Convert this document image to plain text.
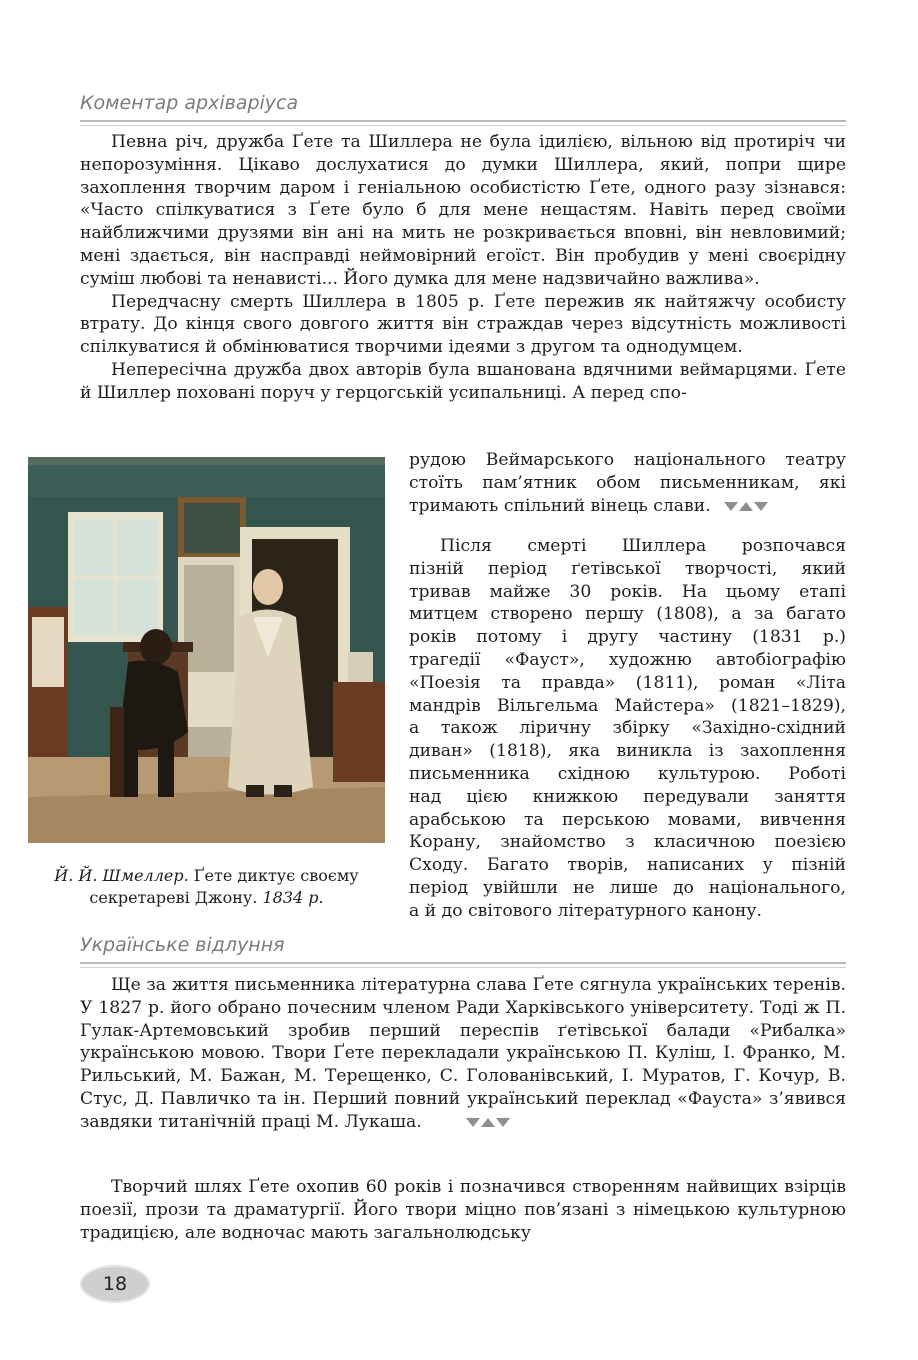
Коментар архіваріуса

Певна річ, дружба Ґете та Шиллера не була ідилією, вільною від протиріч чи непорозуміння. Цікаво дослухатися до думки Шиллера, який, попри щире захоплення творчим даром і геніальною особистістю Ґете, одного разу зізнався: «Часто спілкуватися з Ґете було б для мене нещастям. Навіть перед своїми найближчими друзями він ані на мить не розкривається вповні, він невловимий; мені здається, він насправді неймовірний егоїст. Він пробудив у мені своєрідну суміш любові та ненависті... Його думка для мене надзвичайно важлива».

Передчасну смерть Шиллера в 1805 р. Ґете пережив як найтяжчу особисту втрату. До кінця свого довгого життя він страждав через відсутність можливості спілкуватися й обмінюватися творчими ідеями з другом та однодумцем.

Непересічна дружба двох авторів була вшанована вдячними веймарцями. Ґете й Шиллер поховані поруч у герцогській усипальниці. А перед спо-

рудою Веймарського національного театру
стоїть пам’ятник обом письменникам, які
тримають спільний вінець слави.
Й. Й. Шмеллер. Ґете диктує своєму
секретареві Джону. 1834 р.
Після смерті Шиллера розпочався
пізній період ґетівської творчості, який
тривав майже 30 років. На цьому етапі
митцем створено першу (1808), а за багато
років потому і другу частину (1831 р.)
трагедії «Фауст», художню автобіографію
«Поезія та правда» (1811), роман «Літа
мандрів Вільгельма Майстера» (1821–1829),
а також ліричну збірку «Західно-східний
диван» (1818), яка виникла із захоплення
письменника східною культурою. Роботі
над цією книжкою передували заняття
арабською та перською мовами, вивчення
Корану, знайомство з класичною поезією
Сходу. Багато творів, написаних у пізній
період увійшли не лише до національного,
а й до світового літературного канону.
Українське відлуння

Ще за життя письменника літературна слава Ґете сягнула українських теренів. У 1827 р. його обрано почесним членом Ради Харківського університету. Тоді ж П. Гулак-Артемовський зробив перший переспів ґетівської балади «Рибалка» українською мовою. Твори Ґете перекладали українською П. Куліш, І. Франко, М. Рильський, М. Бажан, М. Терещенко, С. Голованівський, І. Муратов, Г. Кочур, В. Стус, Д. Павличко та ін. Перший повний український переклад «Фауста» з’явився завдяки титанічній праці М. Лукаша.

Творчий шлях Ґете охопив 60 років і позначився створенням найвищих взірців поезії, прози та драматургії. Його твори міцно пов’язані з німецькою культурною традицією, але водночас мають загальнолюдську

18
